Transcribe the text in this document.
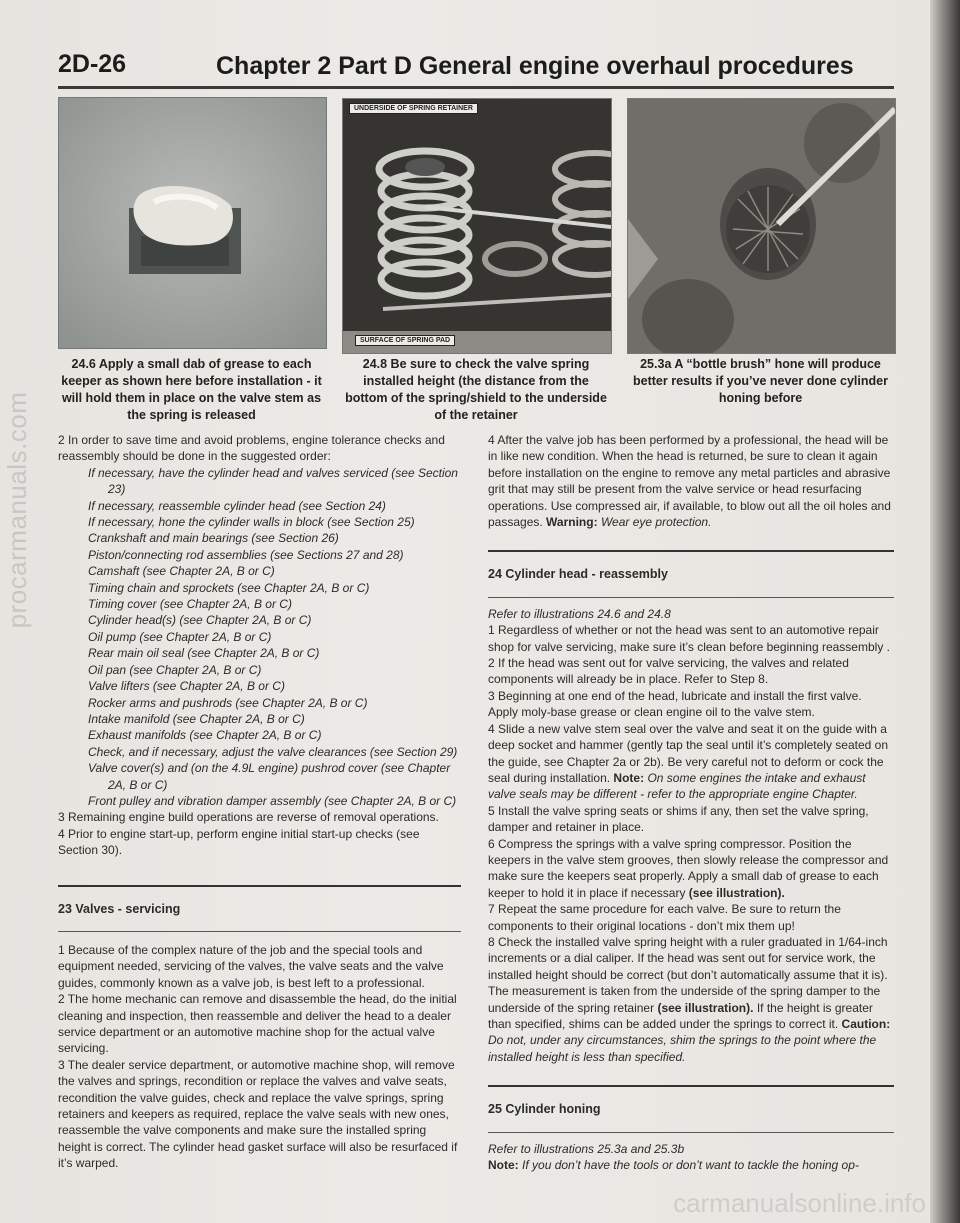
procarmanuals.com
2D-26	Chapter 2 Part D General engine overhaul procedures
UNDERSIDE OF SPRING RETAINER
SURFACE OF SPRING PAD
24.6 Apply a small dab of grease to each keeper as shown here before installation - it will hold them in place on the valve stem as the spring is released
24.8 Be sure to check the valve spring installed height (the distance from the bottom of the spring/shield to the underside of the retainer
25.3a A “bottle brush” hone will produce better results if you’ve never done cylinder honing before

2 In order to save time and avoid problems, engine tolerance checks and reassembly should be done in the suggested order:

If necessary, have the cylinder head and valves serviced (see Section 23)
If necessary, reassemble cylinder head (see Section 24)
If necessary, hone the cylinder walls in block (see Section 25)
Crankshaft and main bearings (see Section 26)
Piston/connecting rod assemblies (see Sections 27 and 28)
Camshaft (see Chapter 2A, B or C)
Timing chain and sprockets (see Chapter 2A, B or C)
Timing cover (see Chapter 2A, B or C)
Cylinder head(s) (see Chapter 2A, B or C)
Oil pump (see Chapter 2A, B or C)
Rear main oil seal (see Chapter 2A, B or C)
Oil pan (see Chapter 2A, B or C)
Valve lifters (see Chapter 2A, B or C)
Rocker arms and pushrods (see Chapter 2A, B or C)
Intake manifold (see Chapter 2A, B or C)
Exhaust manifolds (see Chapter 2A, B or C)
Check, and if necessary, adjust the valve clearances (see Section 29)
Valve cover(s) and (on the 4.9L engine) pushrod cover (see Chapter 2A, B or C)
Front pulley and vibration damper assembly (see Chapter 2A, B or C)

3 Remaining engine build operations are reverse of removal operations.

4 Prior to engine start-up, perform engine initial start-up checks (see Section 30).

23 Valves - servicing

1 Because of the complex nature of the job and the special tools and equipment needed, servicing of the valves, the valve seats and the valve guides, commonly known as a valve job, is best left to a professional.

2 The home mechanic can remove and disassemble the head, do the initial cleaning and inspection, then reassemble and deliver the head to a dealer service department or an automotive machine shop for the actual valve servicing.

3 The dealer service department, or automotive machine shop, will remove the valves and springs, recondition or replace the valves and valve seats, recondition the valve guides, check and replace the valve springs, spring retainers and keepers as required, replace the valve seals with new ones, reassemble the valve components and make sure the installed spring height is correct. The cylinder head gasket surface will also be resurfaced if it’s warped.

4 After the valve job has been performed by a professional, the head will be in like new condition. When the head is returned, be sure to clean it again before installation on the engine to remove any metal particles and abrasive grit that may still be present from the valve service or head resurfacing operations. Use compressed air, if available, to blow out all the oil holes and passages. Warning: Wear eye protection.

24 Cylinder head - reassembly

Refer to illustrations 24.6 and 24.8

1 Regardless of whether or not the head was sent to an automotive repair shop for valve servicing, make sure it’s clean before beginning reassembly .

2 If the head was sent out for valve servicing, the valves and related components will already be in place. Refer to Step 8.

3 Beginning at one end of the head, lubricate and install the first valve. Apply moly-base grease or clean engine oil to the valve stem.

4 Slide a new valve stem seal over the valve and seat it on the guide with a deep socket and hammer (gently tap the seal until it’s completely seated on the guide, see Chapter 2a or 2b). Be very careful not to deform or cock the seal during installation. Note: On some engines the intake and exhaust valve seals may be different - refer to the appropriate engine Chapter.

5 Install the valve spring seats or shims if any, then set the valve spring, damper and retainer in place.

6 Compress the springs with a valve spring compressor. Position the keepers in the valve stem grooves, then slowly release the compressor and make sure the keepers seat properly. Apply a small dab of grease to each keeper to hold it in place if necessary (see illustration).

7 Repeat the same procedure for each valve. Be sure to return the components to their original locations - don’t mix them up!

8 Check the installed valve spring height with a ruler graduated in 1/64-inch increments or a dial caliper. If the head was sent out for service work, the installed height should be correct (but don’t automatically assume that it is). The measurement is taken from the underside of the spring damper to the underside of the spring retainer (see illustration). If the height is greater than specified, shims can be added under the springs to correct it. Caution: Do not, under any circumstances, shim the springs to the point where the installed height is less than specified.

25 Cylinder honing

Refer to illustrations 25.3a and 25.3b

Note: If you don’t have the tools or don’t want to tackle the honing op-

carmanualsonline.info
